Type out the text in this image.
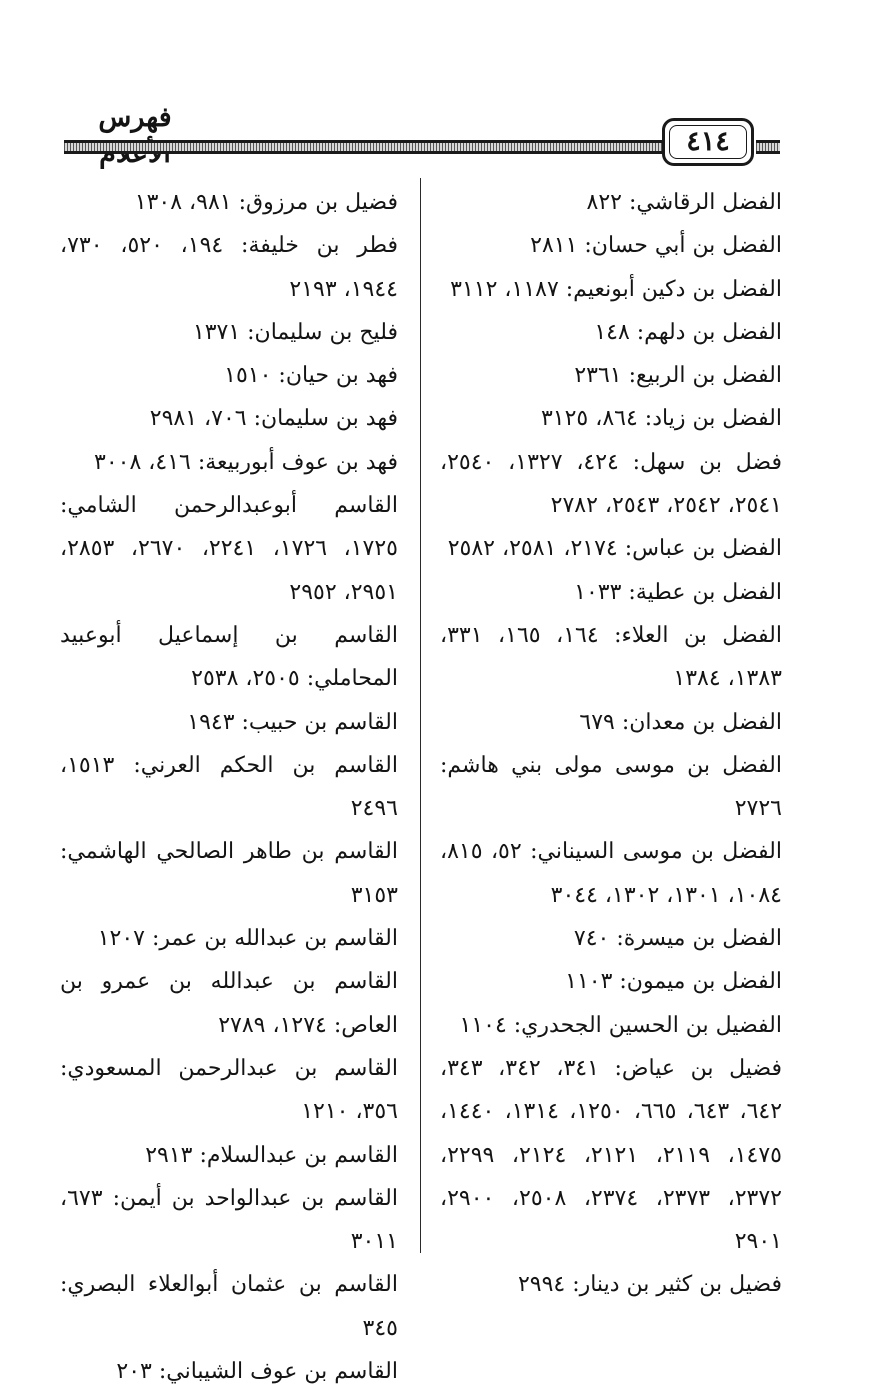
فهرس
٤١٤

الفضل الرقاشي: ٨٢٢

الفضل بن أبي حسان: ٢٨١١

الفضل بن دكين أبونعيم: ١١٨٧، ٣١١٢

الفضل بن دلهم: ١٤٨

الفضل بن الربيع: ٢٣٦١

الفضل بن زياد: ٨٦٤، ٣١٢٥

فضل بن سهل: ٤٢٤، ١٣٢٧، ٢٥٤٠، ٢٥٤١، ٢٥٤٢، ٢٥٤٣، ٢٧٨٢

الفضل بن عباس: ٢١٧٤، ٢٥٨١، ٢٥٨٢

الفضل بن عطية: ١٠٣٣

الفضل بن العلاء: ١٦٤، ١٦٥، ٣٣١، ١٣٨٣، ١٣٨٤

الفضل بن معدان: ٦٧٩

الفضل بن موسى مولى بني هاشم: ٢٧٢٦

الفضل بن موسى السيناني: ٥٢، ٨١٥، ١٠٨٤، ١٣٠١، ١٣٠٢، ٣٠٤٤

الفضل بن ميسرة: ٧٤٠

الفضل بن ميمون: ١١٠٣

الفضيل بن الحسين الجحدري: ١١٠٤

فضيل بن عياض: ٣٤١، ٣٤٢، ٣٤٣، ٦٤٢، ٦٤٣، ٦٦٥، ١٢٥٠، ١٣١٤، ١٤٤٠، ١٤٧٥، ٢١١٩، ٢١٢١، ٢١٢٤، ٢٢٩٩، ٢٣٧٢، ٢٣٧٣، ٢٣٧٤، ٢٥٠٨، ٢٩٠٠، ٢٩٠١

فضيل بن كثير بن دينار: ٢٩٩٤

فضيل بن مرزوق: ٩٨١، ١٣٠٨

فطر بن خليفة: ١٩٤، ٥٢٠، ٧٣٠، ١٩٤٤، ٢١٩٣

فليح بن سليمان: ١٣٧١

فهد بن حيان: ١٥١٠

فهد بن سليمان: ٧٠٦، ٢٩٨١

فهد بن عوف أبوربيعة: ٤١٦، ٣٠٠٨

القاسم أبوعبدالرحمن الشامي: ١٧٢٥، ١٧٢٦، ٢٢٤١، ٢٦٧٠، ٢٨٥٣، ٢٩٥١، ٢٩٥٢

القاسم بن إسماعيل أبوعبيد المحاملي: ٢٥٠٥، ٢٥٣٨

القاسم بن حبيب: ١٩٤٣

القاسم بن الحكم العرني: ١٥١٣، ٢٤٩٦

القاسم بن طاهر الصالحي الهاشمي: ٣١٥٣

القاسم بن عبدالله بن عمر: ١٢٠٧

القاسم بن عبدالله بن عمرو بن العاص: ١٢٧٤، ٢٧٨٩

القاسم بن عبدالرحمن المسعودي: ٣٥٦، ١٢١٠

القاسم بن عبدالسلام: ٢٩١٣

القاسم بن عبدالواحد بن أيمن: ٦٧٣، ٣٠١١

القاسم بن عثمان أبوالعلاء البصري: ٣٤٥

القاسم بن عوف الشيباني: ٢٠٣
